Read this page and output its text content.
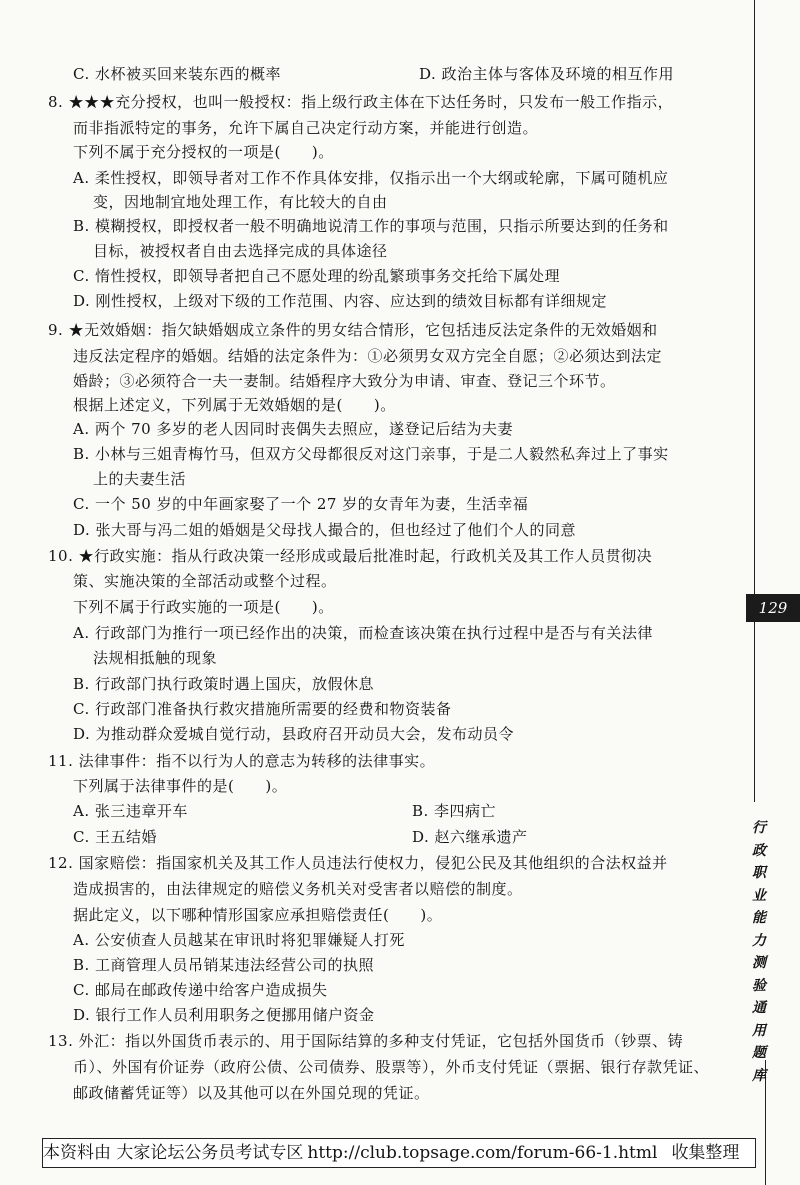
C. 水杯被买回来装东西的概率	D. 政治主体与客体及环境的相互作用
8. ★★★充分授权，也叫一般授权：指上级行政主体在下达任务时，只发布一般工作指示，
而非指派特定的事务，允许下属自己决定行动方案，并能进行创造。
下列不属于充分授权的一项是(　　)。
A. 柔性授权，即领导者对工作不作具体安排，仅指示出一个大纲或轮廓，下属可随机应
变，因地制宜地处理工作，有比较大的自由
B. 模糊授权，即授权者一般不明确地说清工作的事项与范围，只指示所要达到的任务和
目标，被授权者自由去选择完成的具体途径
C. 惰性授权，即领导者把自己不愿处理的纷乱繁琐事务交托给下属处理
D. 刚性授权，上级对下级的工作范围、内容、应达到的绩效目标都有详细规定
9. ★无效婚姻：指欠缺婚姻成立条件的男女结合情形，它包括违反法定条件的无效婚姻和
违反法定程序的婚姻。结婚的法定条件为：①必须男女双方完全自愿；②必须达到法定
婚龄；③必须符合一夫一妻制。结婚程序大致分为申请、审查、登记三个环节。
根据上述定义，下列属于无效婚姻的是(　　)。
A. 两个 70 多岁的老人因同时丧偶失去照应，遂登记后结为夫妻
B. 小林与三姐青梅竹马，但双方父母都很反对这门亲事，于是二人毅然私奔过上了事实
上的夫妻生活
C. 一个 50 岁的中年画家娶了一个 27 岁的女青年为妻，生活幸福
D. 张大哥与冯二姐的婚姻是父母找人撮合的，但也经过了他们个人的同意
10. ★行政实施：指从行政决策一经形成或最后批准时起，行政机关及其工作人员贯彻决
策、实施决策的全部活动或整个过程。
下列不属于行政实施的一项是(　　)。
A. 行政部门为推行一项已经作出的决策，而检查该决策在执行过程中是否与有关法律
法规相抵触的现象
B. 行政部门执行政策时遇上国庆，放假休息
C. 行政部门准备执行救灾措施所需要的经费和物资装备
D. 为推动群众爱城自觉行动，县政府召开动员大会，发布动员令
11. 法律事件：指不以行为人的意志为转移的法律事实。
下列属于法律事件的是(　　)。
A. 张三违章开车	B. 李四病亡
C. 王五结婚	D. 赵六继承遗产
12. 国家赔偿：指国家机关及其工作人员违法行使权力，侵犯公民及其他组织的合法权益并
造成损害的，由法律规定的赔偿义务机关对受害者以赔偿的制度。
据此定义，以下哪种情形国家应承担赔偿责任(　　)。
A. 公安侦查人员越某在审讯时将犯罪嫌疑人打死
B. 工商管理人员吊销某违法经营公司的执照
C. 邮局在邮政传递中给客户造成损失
D. 银行工作人员利用职务之便挪用储户资金
13. 外汇：指以外国货币表示的、用于国际结算的多种支付凭证，它包括外国货币（钞票、铸
币）、外国有价证券（政府公债、公司债券、股票等），外币支付凭证（票据、银行存款凭证、
邮政储蓄凭证等）以及其他可以在外国兑现的凭证。
129
行
政
职
业
能
力
测
验
通
用
题
库
本资料由 大家论坛公务员考试专区 http://club.topsage.com/forum-66-1.html 收集整理
